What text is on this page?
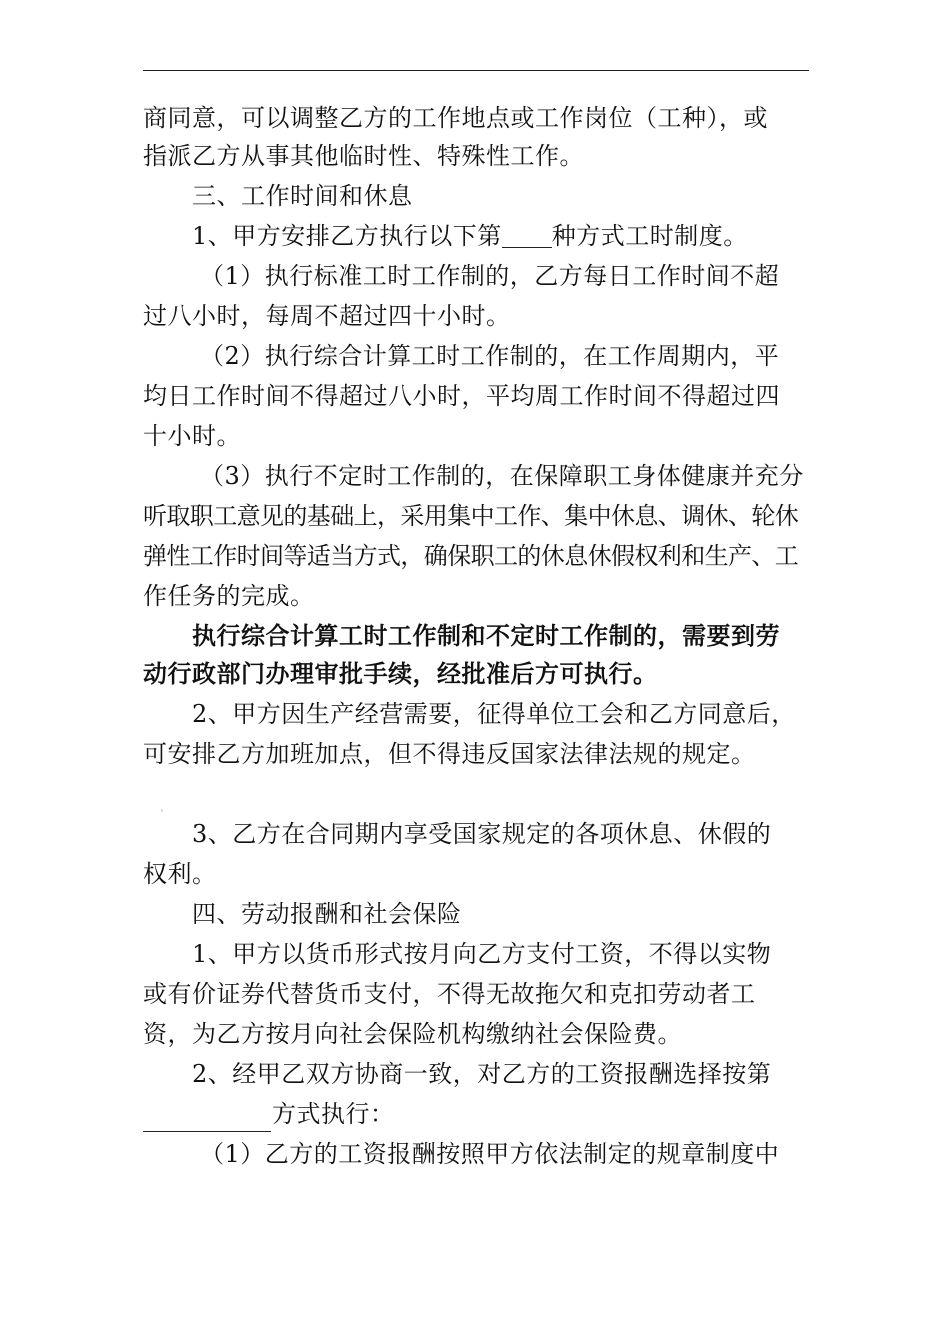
商同意，可以调整乙方的工作地点或工作岗位（工种），或
指派乙方从事其他临时性、特殊性工作。
三、工作时间和休息
1、甲方安排乙方执行以下第 种方式工时制度。
（1）执行标准工时工作制的，乙方每日工作时间不超
过八小时，每周不超过四十小时。
（2）执行综合计算工时工作制的，在工作周期内，平
均日工作时间不得超过八小时，平均周工作时间不得超过四
十小时。
（3）执行不定时工作制的，在保障职工身体健康并充分
听取职工意见的基础上，采用集中工作、集中休息、调休、轮休
弹性工作时间等适当方式，确保职工的休息休假权利和生产、工
作任务的完成。
执行综合计算工时工作制和不定时工作制的，需要到劳
动行政部门办理审批手续，经批准后方可执行。
2、甲方因生产经营需要，征得单位工会和乙方同意后，
可安排乙方加班加点，但不得违反国家法律法规的规定。
`
3、乙方在合同期内享受国家规定的各项休息、休假的
权利。
四、劳动报酬和社会保险
1、甲方以货币形式按月向乙方支付工资，不得以实物
或有价证券代替货币支付，不得无故拖欠和克扣劳动者工
资，为乙方按月向社会保险机构缴纳社会保险费。
2、经甲乙双方协商一致，对乙方的工资报酬选择按第
方式执行：
（1）乙方的工资报酬按照甲方依法制定的规章制度中
